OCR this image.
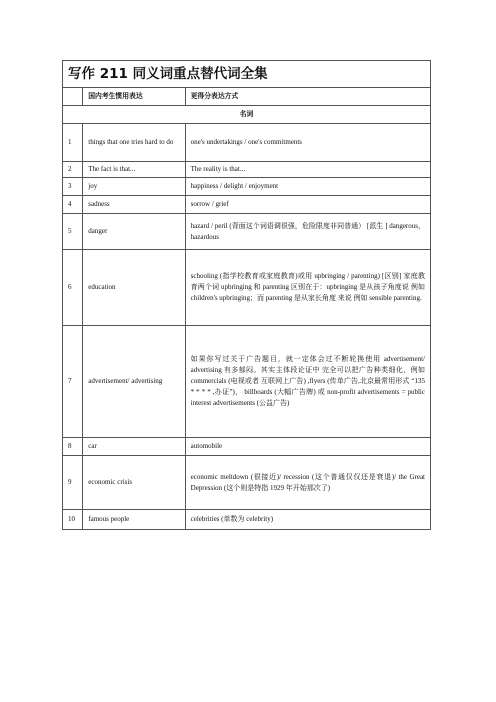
写作 211 同义词重点替代词全集		
	国内考生惯用表达	更得分表达方式
名词		
1	things that one tries hard to do	one's undertakings / one's commitments
2	The fact is that...	The reality is that...
3	joy	happiness / delight / enjoyment
4	sadness	sorrow / grief
5	danger	hazard / peril (背面这个词语调很强，危险限度非同普通） [派生 ] dangerous，hazardous
6	education	schooling (指学校教育或家庭教育)或用 upbringing / parenting) [区别] 家庭教育两个词 upbringing 和 parenting 区别在于：upbringing 是从孩子角度说 例如 children's upbringing；而 parenting 是从家长角度 来说 例如 sensible parenting.
7	advertisement/ advertising	如果你写过关于广告题目，就一定体会过不断轮换使用 advertisement/ advertising 有多郁闷。其实主体段论证中 完全可以把广告种类细化，例如 commercials (电视或者 互联网上广告) ,flyers (传单广告,北京最常用形式 “135 * * * * ,办证”)， billboards (大幅广告牌) 或 non-profit advertisements = public interest advertisements (公益广告)
8	car	automobile
9	economic crisis	economic meltdown (很接近)/ recession (这个普通仅仅还是衰退)/ the Great Depression (这个则是特指 1929 年开始那次了)
10	famous people	celebrities (单数为 celebrity)
